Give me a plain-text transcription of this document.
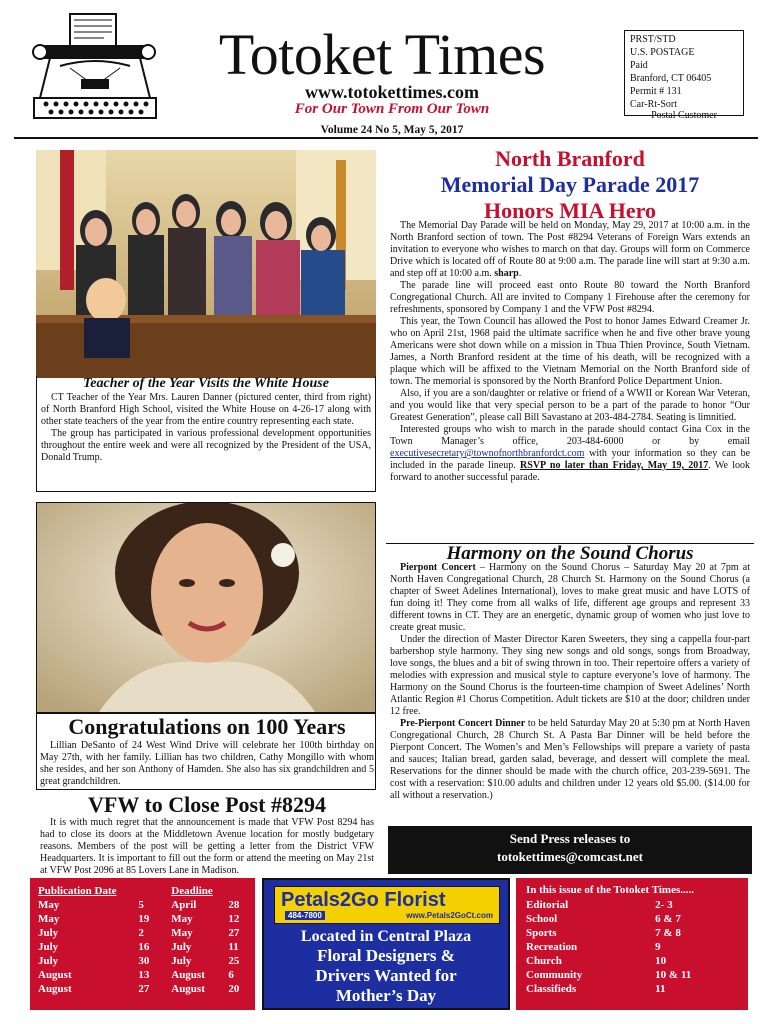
Totoket Times
www.totokettimes.com
For Our Town From Our Town
Volume 24 No 5, May 5, 2017
PRST/STD
U.S. POSTAGE
Paid
Branford, CT 06405
Permit # 131
Car-Rt-Sort
Postal Customer
Teacher of the Year Visits the White House

CT Teacher of the Year Mrs. Lauren Danner (pictured center, third from right) of North Branford High School, visited the White House on 4-26-17 along with other state teachers of the year from the entire country representing each state.

The group has participated in various professional development opportunities throughout the entire week and were all recognized by the President of the USA, Donald Trump.

Congratulations on 100 Years

Lillian DeSanto of 24 West Wind Drive will celebrate her 100th birthday on May 27th, with her family. Lillian has two children, Cathy Mongillo with whom she resides, and her son Anthony of Hamden. She also has six grandchildren and 5 great grandchildren.

VFW to Close Post #8294

It is with much regret that the announcement is made that VFW Post 8294 has had to close its doors at the Middletown Avenue location for mostly budgetary reasons. Members of the post will be getting a letter from the District VFW Headquarters. It is important to fill out the form or attend the meeting on May 21st at VFW Post 2096 at 85 Lovers Lane in Madison.

North Branford
Memorial Day Parade 2017
Honors MIA Hero

The Memorial Day Parade will be held on Monday, May 29, 2017 at 10:00 a.m. in the North Branford section of town. The Post #8294 Veterans of Foreign Wars extends an invitation to everyone who wishes to march on that day. Groups will form on Commerce Drive which is located off of Route 80 at 9:00 a.m. The parade line will start at 9:30 a.m. and step off at 10:00 a.m. sharp.

The parade line will proceed east onto Route 80 toward the North Branford Congregational Church. All are invited to Company 1 Firehouse after the ceremony for refreshments, sponsored by Company 1 and the VFW Post #8294.

This year, the Town Council has allowed the Post to honor James Edward Creamer Jr. who on April 21st, 1968 paid the ultimate sacrifice when he and five other brave young Americans were shot down while on a mission in Thua Thien Province, South Vietnam. James, a North Branford resident at the time of his death, will be recognized with a plaque which will be affixed to the Vietnam Memorial on the North Branford side of town. The memorial is sponsored by the North Branford Police Department Union.

Also, if you are a son/daughter or relative or friend of a WWII or Korean War Veteran, and you would like that very special person to be a part of the parade to honor “Our Greatest Generation”, please call Bill Savastano at 203-484-2784. Seating is limnitied.

Interested groups who wish to march in the parade should contact Gina Cox in the Town Manager’s office, 203-484-6000 or by email executivesecretary@townofnorthbranfordct.com with your information so they can be included in the parade lineup. RSVP no later than Friday, May 19, 2017. We look forward to another successful parade.

Harmony on the Sound Chorus

Pierpont Concert – Harmony on the Sound Chorus – Saturday May 20 at 7pm at North Haven Congregational Church, 28 Church St. Harmony on the Sound Chorus (a chapter of Sweet Adelines International), loves to make great music and have LOTS of fun doing it! They come from all walks of life, different age groups and represent 33 different towns in CT. They are an energetic, dynamic group of women who just love to create great music.

Under the direction of Master Director Karen Sweeters, they sing a cappella four-part barbershop style harmony. They sing new songs and old songs, songs from Broadway, love songs, the blues and a bit of swing thrown in too. Their repertoire offers a variety of melodies with expression and musical style to capture everyone’s love of harmony. The Harmony on the Sound Chorus is the fourteen-time champion of Sweet Adelines’ North Atlantic Region #1 Chorus Competition. Adult tickets are $10 at the door; children under 12 free.

Pre-Pierpont Concert Dinner to be held Saturday May 20 at 5:30 pm at North Haven Congregational Church, 28 Church St. A Pasta Bar Dinner will be held before the Pierpont Concert. The Women’s and Men’s Fellowships will prepare a variety of pasta and sauces; Italian bread, garden salad, beverage, and dessert will complete the meal. Reservations for the dinner should be made with the church office, 203-239-5691. The cost with a reservation: $10.00 adults and children under 12 years old $5.00. ($14.00 for all without a reservation.)

Send Press releases to
totokettimes@comcast.net
Publication Date		Deadline	
May	5	April	28
May	19	May	12
July	2	May	27
July	16	July	11
July	30	July	25
August	13	August	6
August	27	August	20
Petals2Go Florist
484-7800	www.Petals2GoCt.com
Located in Central Plaza
Floral Designers &
Drivers Wanted for
Mother’s Day
In this issue of the Totoket Times.....
Editorial	2- 3
School	6 & 7
Sports	7 & 8
Recreation	9
Church	10
Community	10 & 11
Classifieds	11
